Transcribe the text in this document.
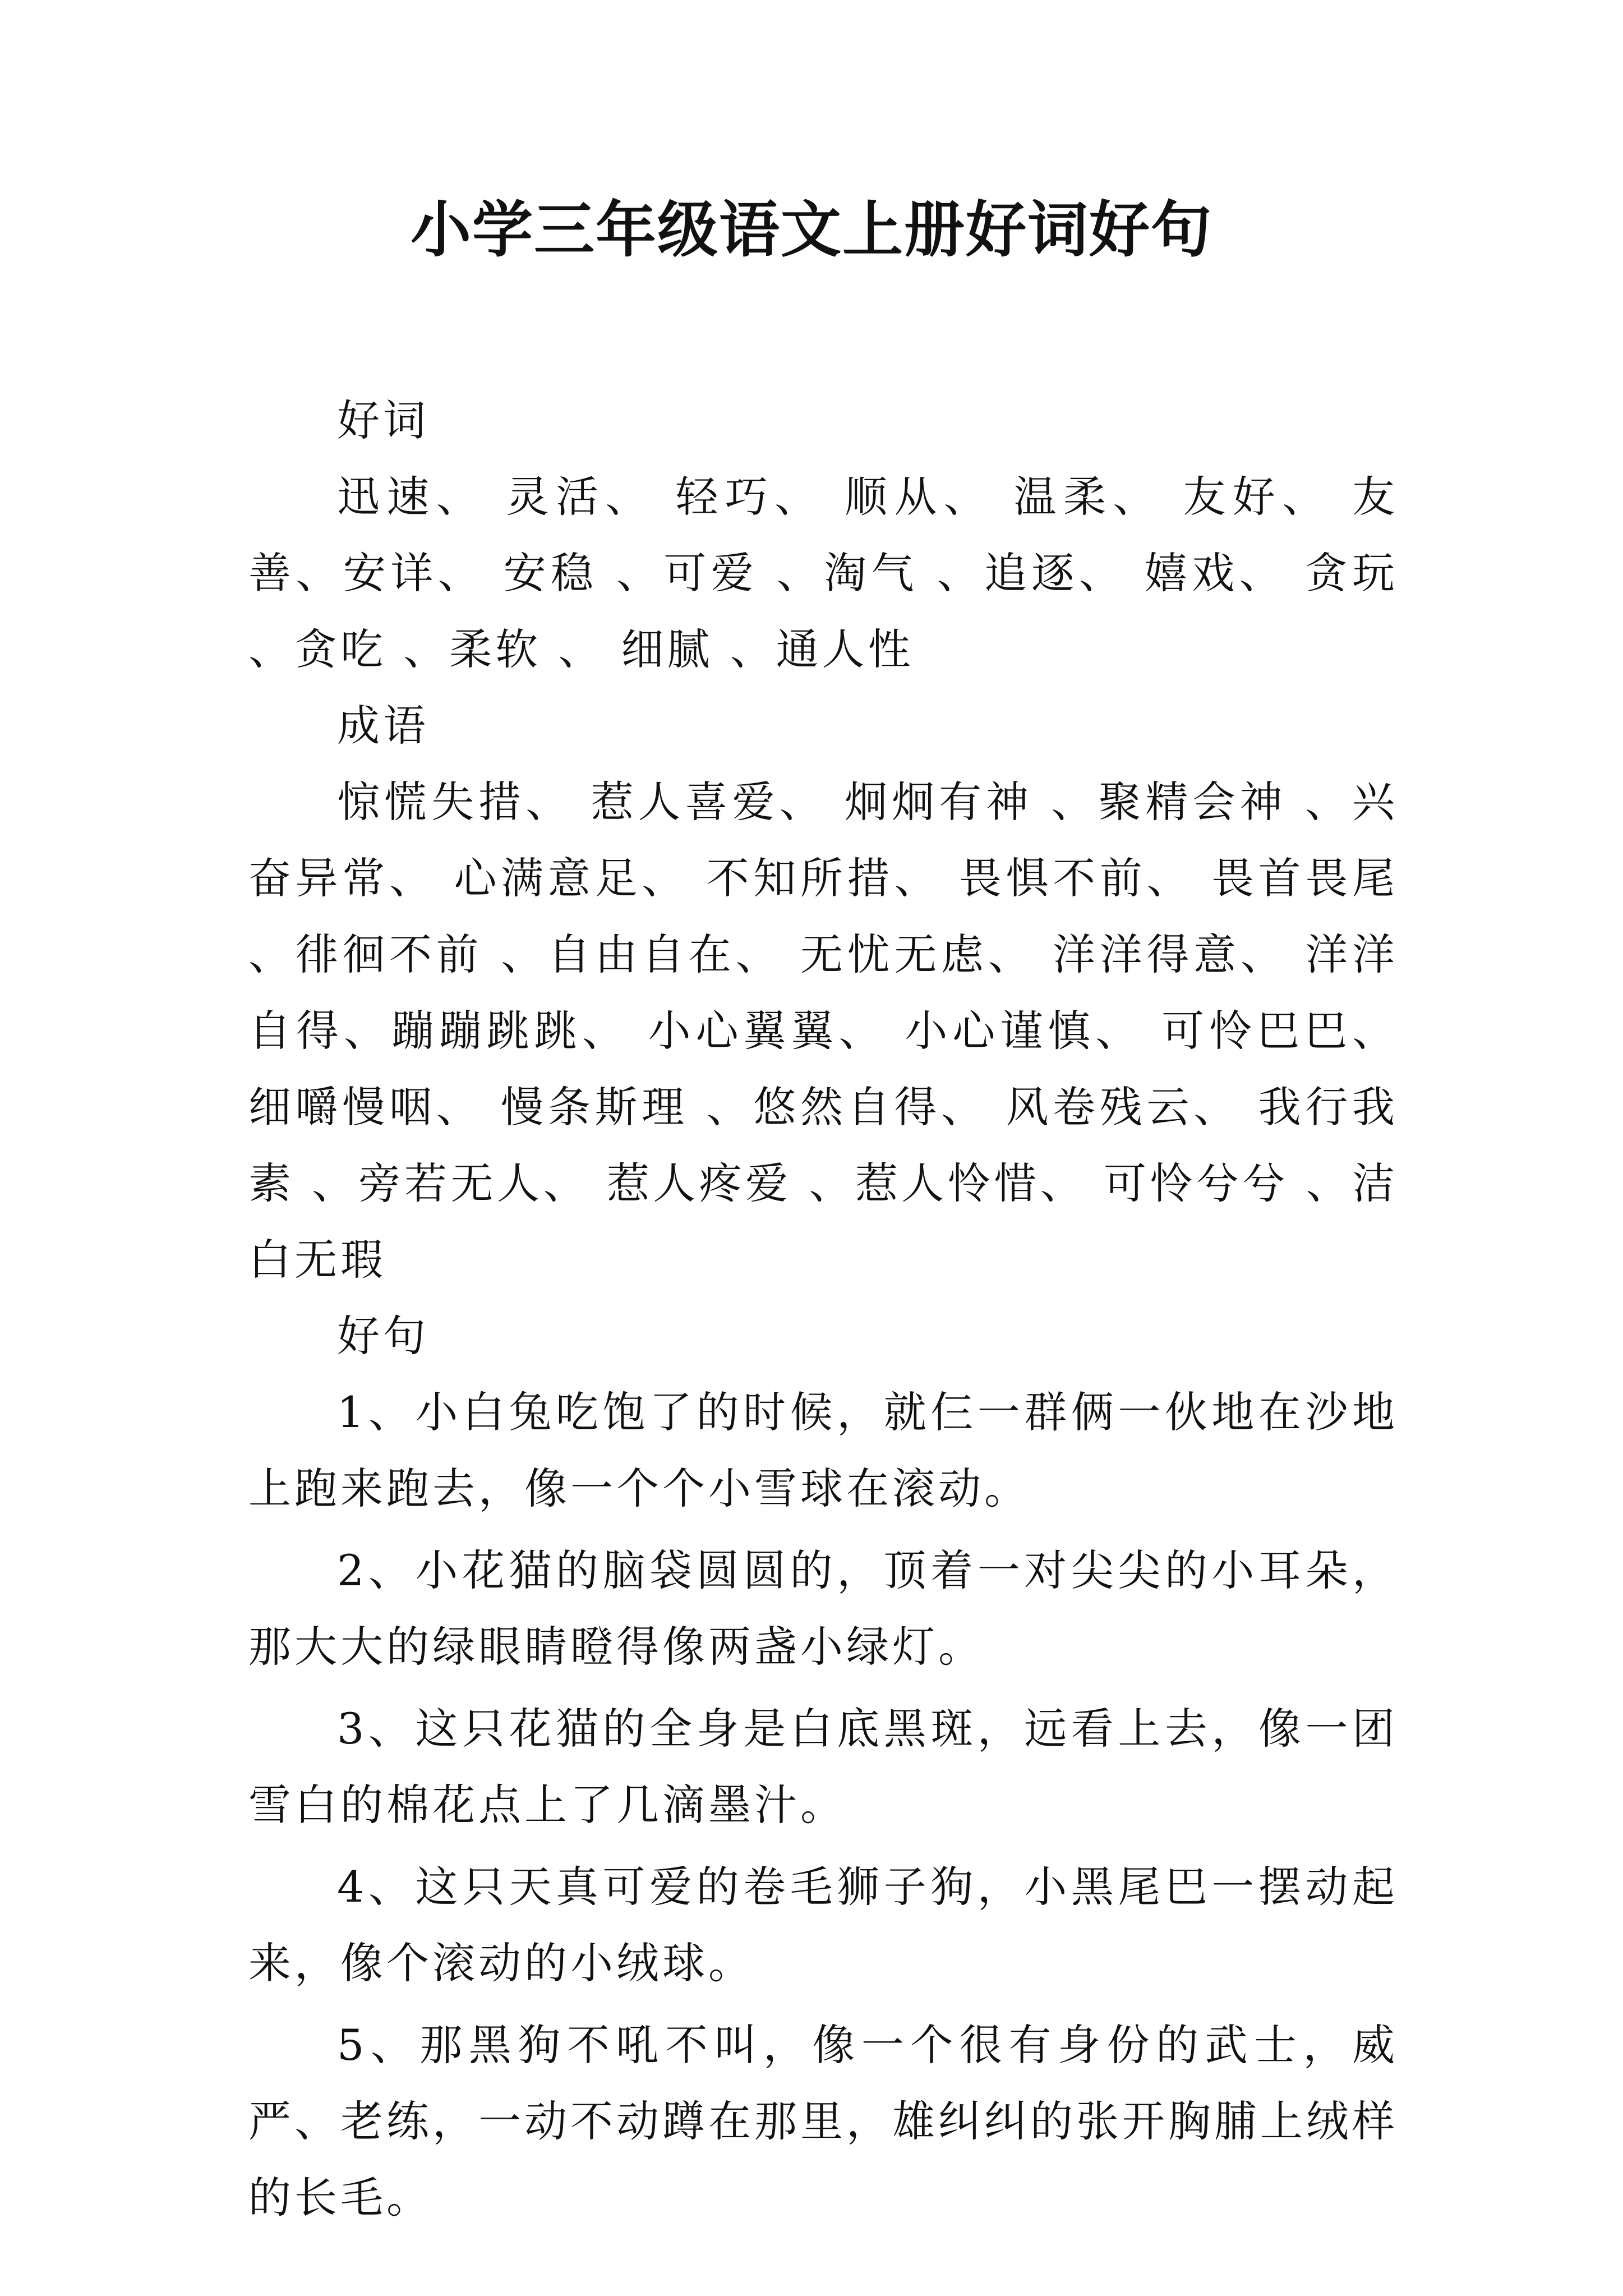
小学三年级语文上册好词好句

好词

迅速、 灵活、 轻巧、 顺从、 温柔、 友好、 友善、安详、 安稳 、可爱 、淘气 、追逐、 嬉戏、 贪玩 、贪吃 、柔软 、 细腻 、通人性

成语

惊慌失措、 惹人喜爱、 炯炯有神 、聚精会神 、兴奋异常、 心满意足、 不知所措、 畏惧不前、 畏首畏尾 、徘徊不前 、自由自在、 无忧无虑、 洋洋得意、 洋洋自得、蹦蹦跳跳、 小心翼翼、 小心谨慎、 可怜巴巴、 细嚼慢咽、 慢条斯理 、悠然自得、 风卷残云、 我行我素 、旁若无人、 惹人疼爱 、惹人怜惜、 可怜兮兮 、洁白无瑕

好句

1、小白兔吃饱了的时候，就仨一群俩一伙地在沙地上跑来跑去，像一个个小雪球在滚动。

2、小花猫的脑袋圆圆的，顶着一对尖尖的小耳朵，那大大的绿眼睛瞪得像两盏小绿灯。

3、这只花猫的全身是白底黑斑，远看上去，像一团雪白的棉花点上了几滴墨汁。

4、这只天真可爱的卷毛狮子狗，小黑尾巴一摆动起来，像个滚动的小绒球。

5、那黑狗不吼不叫，像一个很有身份的武士，威严、老练，一动不动蹲在那里，雄纠纠的张开胸脯上绒样的长毛。
